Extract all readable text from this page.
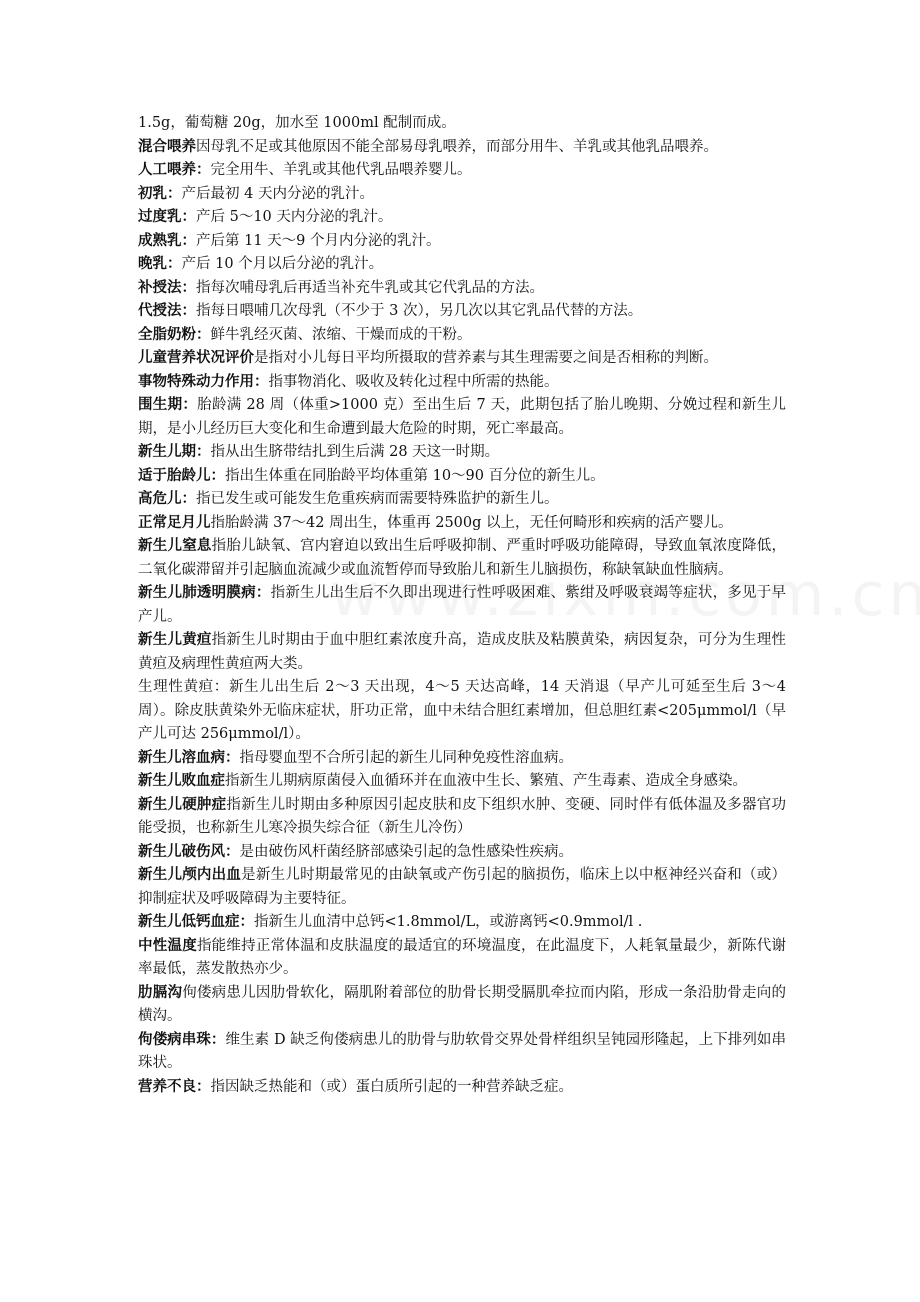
1.5g，葡萄糖 20g，加水至 1000ml 配制而成。

混合喂养因母乳不足或其他原因不能全部易母乳喂养，而部分用牛、羊乳或其他乳品喂养。

人工喂养：完全用牛、羊乳或其他代乳品喂养婴儿。

初乳：产后最初 4 天内分泌的乳汁。

过度乳：产后 5～10 天内分泌的乳汁。

成熟乳：产后第 11 天～9 个月内分泌的乳汁。

晚乳：产后 10 个月以后分泌的乳汁。

补授法：指每次哺母乳后再适当补充牛乳或其它代乳品的方法。

代授法：指每日喂哺几次母乳（不少于 3 次），另几次以其它乳品代替的方法。

全脂奶粉：鲜牛乳经灭菌、浓缩、干燥而成的干粉。

儿童营养状况评价是指对小儿每日平均所摄取的营养素与其生理需要之间是否相称的判断。

事物特殊动力作用：指事物消化、吸收及转化过程中所需的热能。

围生期：胎龄满 28 周（体重>1000 克）至出生后 7 天，此期包括了胎儿晚期、分娩过程和新生儿期，是小儿经历巨大变化和生命遭到最大危险的时期，死亡率最高。

新生儿期：指从出生脐带结扎到生后满 28 天这一时期。

适于胎龄儿：指出生体重在同胎龄平均体重第 10～90 百分位的新生儿。

高危儿：指已发生或可能发生危重疾病而需要特殊监护的新生儿。

正常足月儿指胎龄满 37～42 周出生，体重再 2500g 以上，无任何畸形和疾病的活产婴儿。

新生儿窒息指胎儿缺氧、宫内窘迫以致出生后呼吸抑制、严重时呼吸功能障碍，导致血氧浓度降低，二氧化碳滞留并引起脑血流减少或血流暂停而导致胎儿和新生儿脑损伤，称缺氧缺血性脑病。

新生儿肺透明膜病：指新生儿出生后不久即出现进行性呼吸困难、紫绀及呼吸衰竭等症状，多见于早产儿。

新生儿黄疸指新生儿时期由于血中胆红素浓度升高，造成皮肤及粘膜黄染，病因复杂，可分为生理性黄疸及病理性黄疸两大类。

生理性黄疸：新生儿出生后 2～3 天出现，4～5 天达高峰，14 天消退（早产儿可延至生后 3～4 周）。除皮肤黄染外无临床症状，肝功正常，血中未结合胆红素增加，但总胆红素<205μmmol/l（早产儿可达 256μmmol/l）。

新生儿溶血病：指母婴血型不合所引起的新生儿同种免疫性溶血病。

新生儿败血症指新生儿期病原菌侵入血循环并在血液中生长、繁殖、产生毒素、造成全身感染。

新生儿硬肿症指新生儿时期由多种原因引起皮肤和皮下组织水肿、变硬、同时伴有低体温及多器官功能受损，也称新生儿寒冷损失综合征（新生儿冷伤）

新生儿破伤风：是由破伤风杆菌经脐部感染引起的急性感染性疾病。

新生儿颅内出血是新生儿时期最常见的由缺氧或产伤引起的脑损伤，临床上以中枢神经兴奋和（或）抑制症状及呼吸障碍为主要特征。

新生儿低钙血症：指新生儿血清中总钙<1.8mmol/L，或游离钙<0.9mmol/l .

中性温度指能维持正常体温和皮肤温度的最适宜的环境温度，在此温度下，人耗氧量最少，新陈代谢率最低，蒸发散热亦少。

肋膈沟佝偻病患儿因肋骨软化，隔肌附着部位的肋骨长期受膈肌牵拉而内陷，形成一条沿肋骨走向的横沟。

佝偻病串珠：维生素 D 缺乏佝偻病患儿的肋骨与肋软骨交界处骨样组织呈钝园形隆起，上下排列如串珠状。

营养不良：指因缺乏热能和（或）蛋白质所引起的一种营养缺乏症。
